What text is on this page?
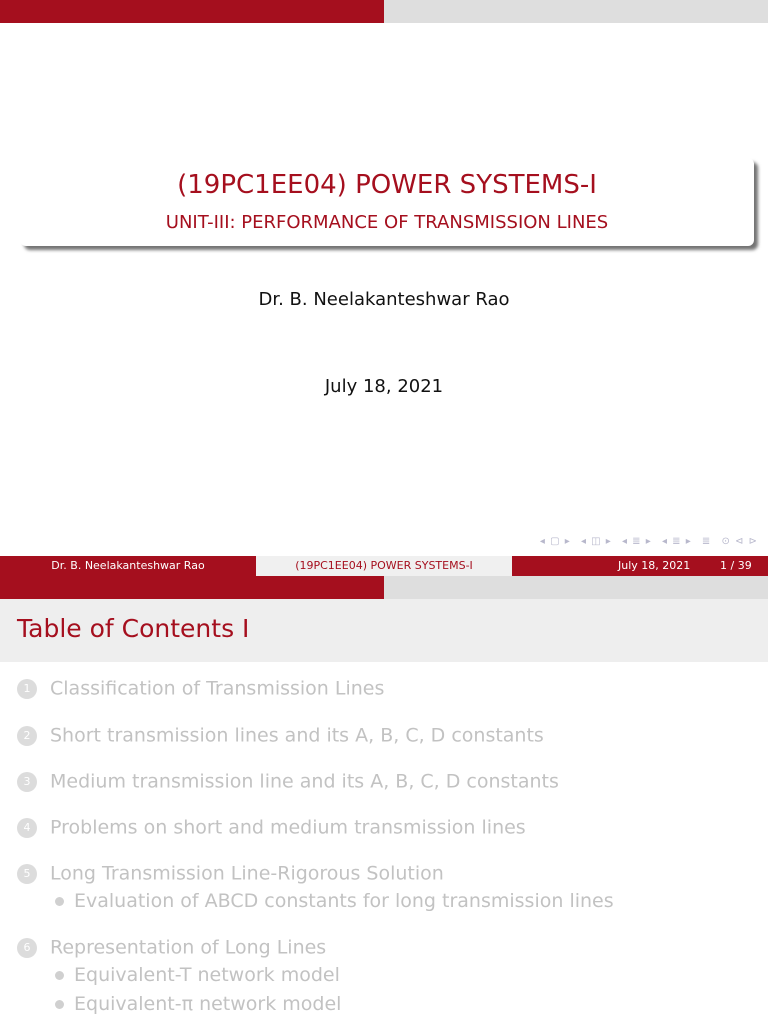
(19PC1EE04) POWER SYSTEMS-I
UNIT-III: PERFORMANCE OF TRANSMISSION LINES
Dr. B. Neelakanteshwar Rao
July 18, 2021
◂ ▢ ▸ ◂ ◫ ▸ ◂ ≣ ▸ ◂ ≣ ▸ ≣ ⊙ ⊲ ⊳
Dr. B. Neelakanteshwar Rao	(19PC1EE04) POWER SYSTEMS-I	July 18, 2021	1 / 39
Table of Contents I
1 Classification of Transmission Lines
2 Short transmission lines and its A, B, C, D constants
3 Medium transmission line and its A, B, C, D constants
4 Problems on short and medium transmission lines
5 Long Transmission Line-Rigorous Solution
Evaluation of ABCD constants for long transmission lines
6 Representation of Long Lines
Equivalent-T network model
Equivalent-π network model
